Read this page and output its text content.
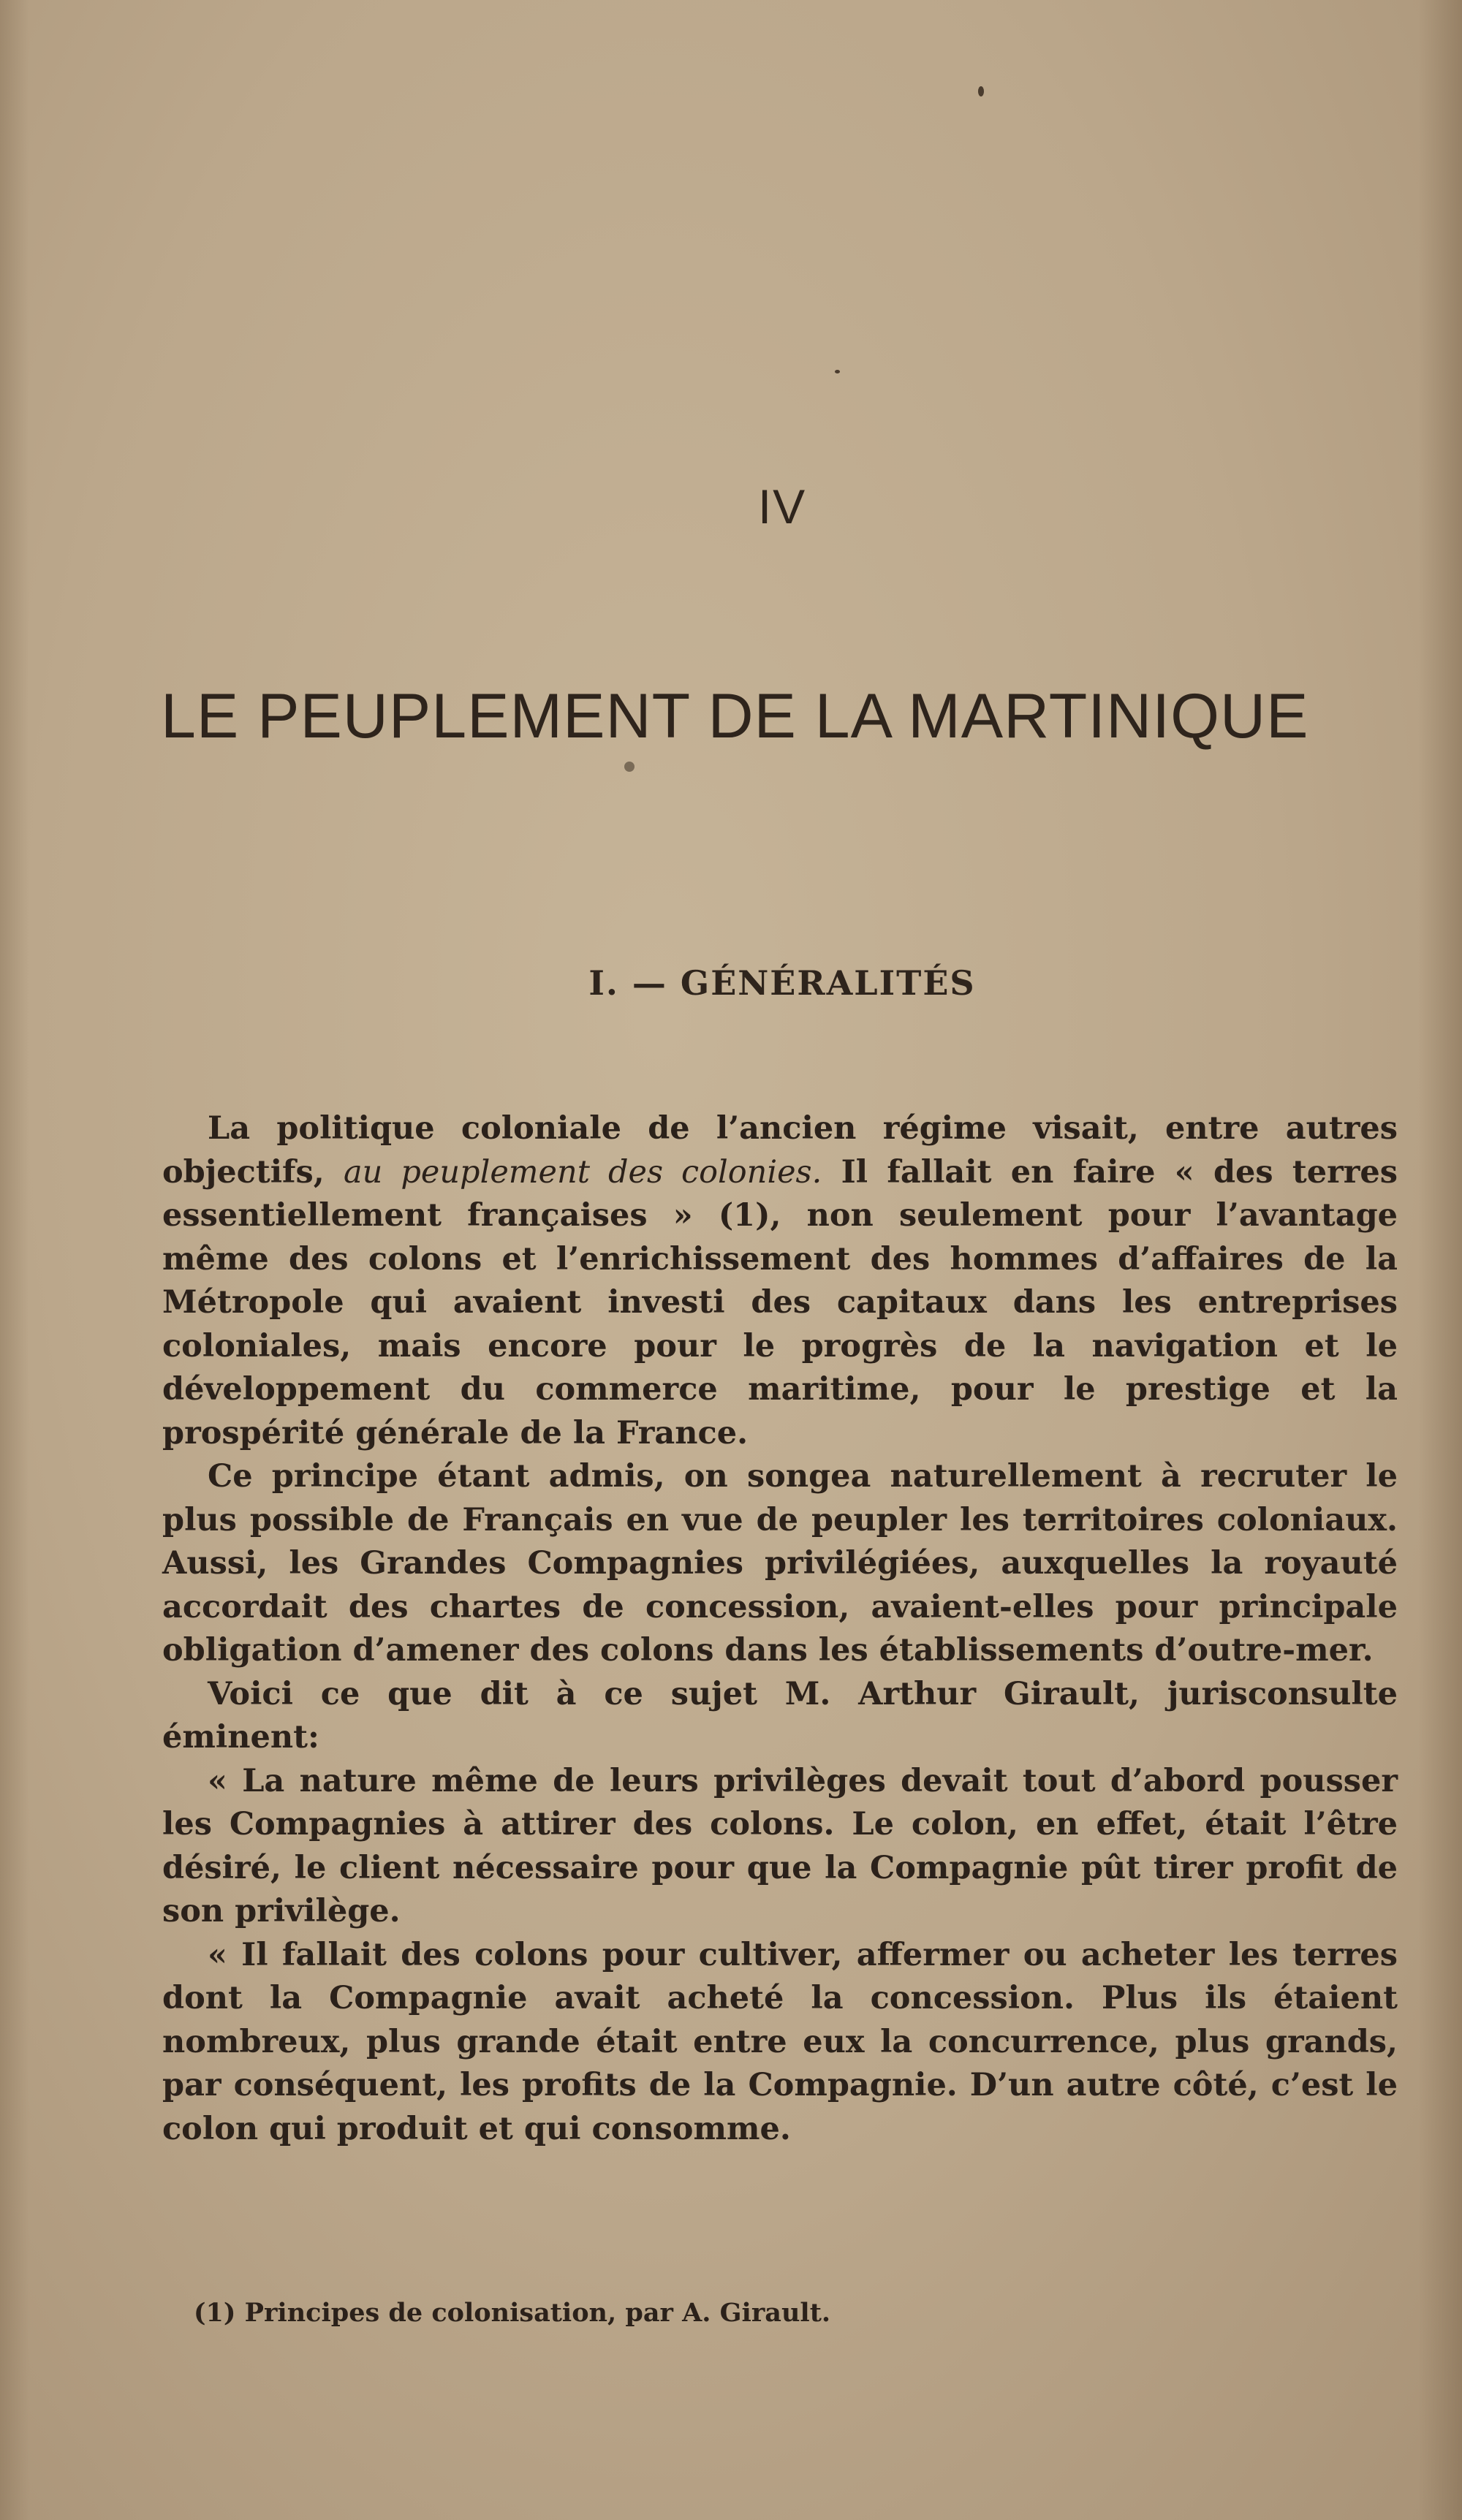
IV
LE PEUPLEMENT DE LA MARTINIQUE
I. — GÉNÉRALITÉS

La politique coloniale de l’ancien régime visait, entre autres objectifs, au peuplement des colonies. Il fallait en faire « des terres essentiellement françaises » (1), non seulement pour l’avantage même des colons et l’enrichissement des hommes d’affaires de la Métropole qui avaient investi des capitaux dans les entreprises coloniales, mais encore pour le progrès de la navigation et le développement du commerce maritime, pour le prestige et la prospérité générale de la France.

Ce principe étant admis, on songea naturellement à recruter le plus possible de Français en vue de peupler les territoires coloniaux. Aussi, les Grandes Compagnies privilégiées, auxquelles la royauté accordait des chartes de concession, avaient-elles pour principale obligation d’amener des colons dans les établissements d’outre-mer.

Voici ce que dit à ce sujet M. Arthur Girault, jurisconsulte éminent:

« La nature même de leurs privilèges devait tout d’abord pousser les Compagnies à attirer des colons. Le colon, en effet, était l’être désiré, le client nécessaire pour que la Compagnie pût tirer profit de son privilège.

« Il fallait des colons pour cultiver, affermer ou acheter les terres dont la Compagnie avait acheté la concession. Plus ils étaient nombreux, plus grande était entre eux la concurrence, plus grands, par conséquent, les profits de la Compagnie. D’un autre côté, c’est le colon qui produit et qui consomme.

(1) Principes de colonisation, par A. Girault.
